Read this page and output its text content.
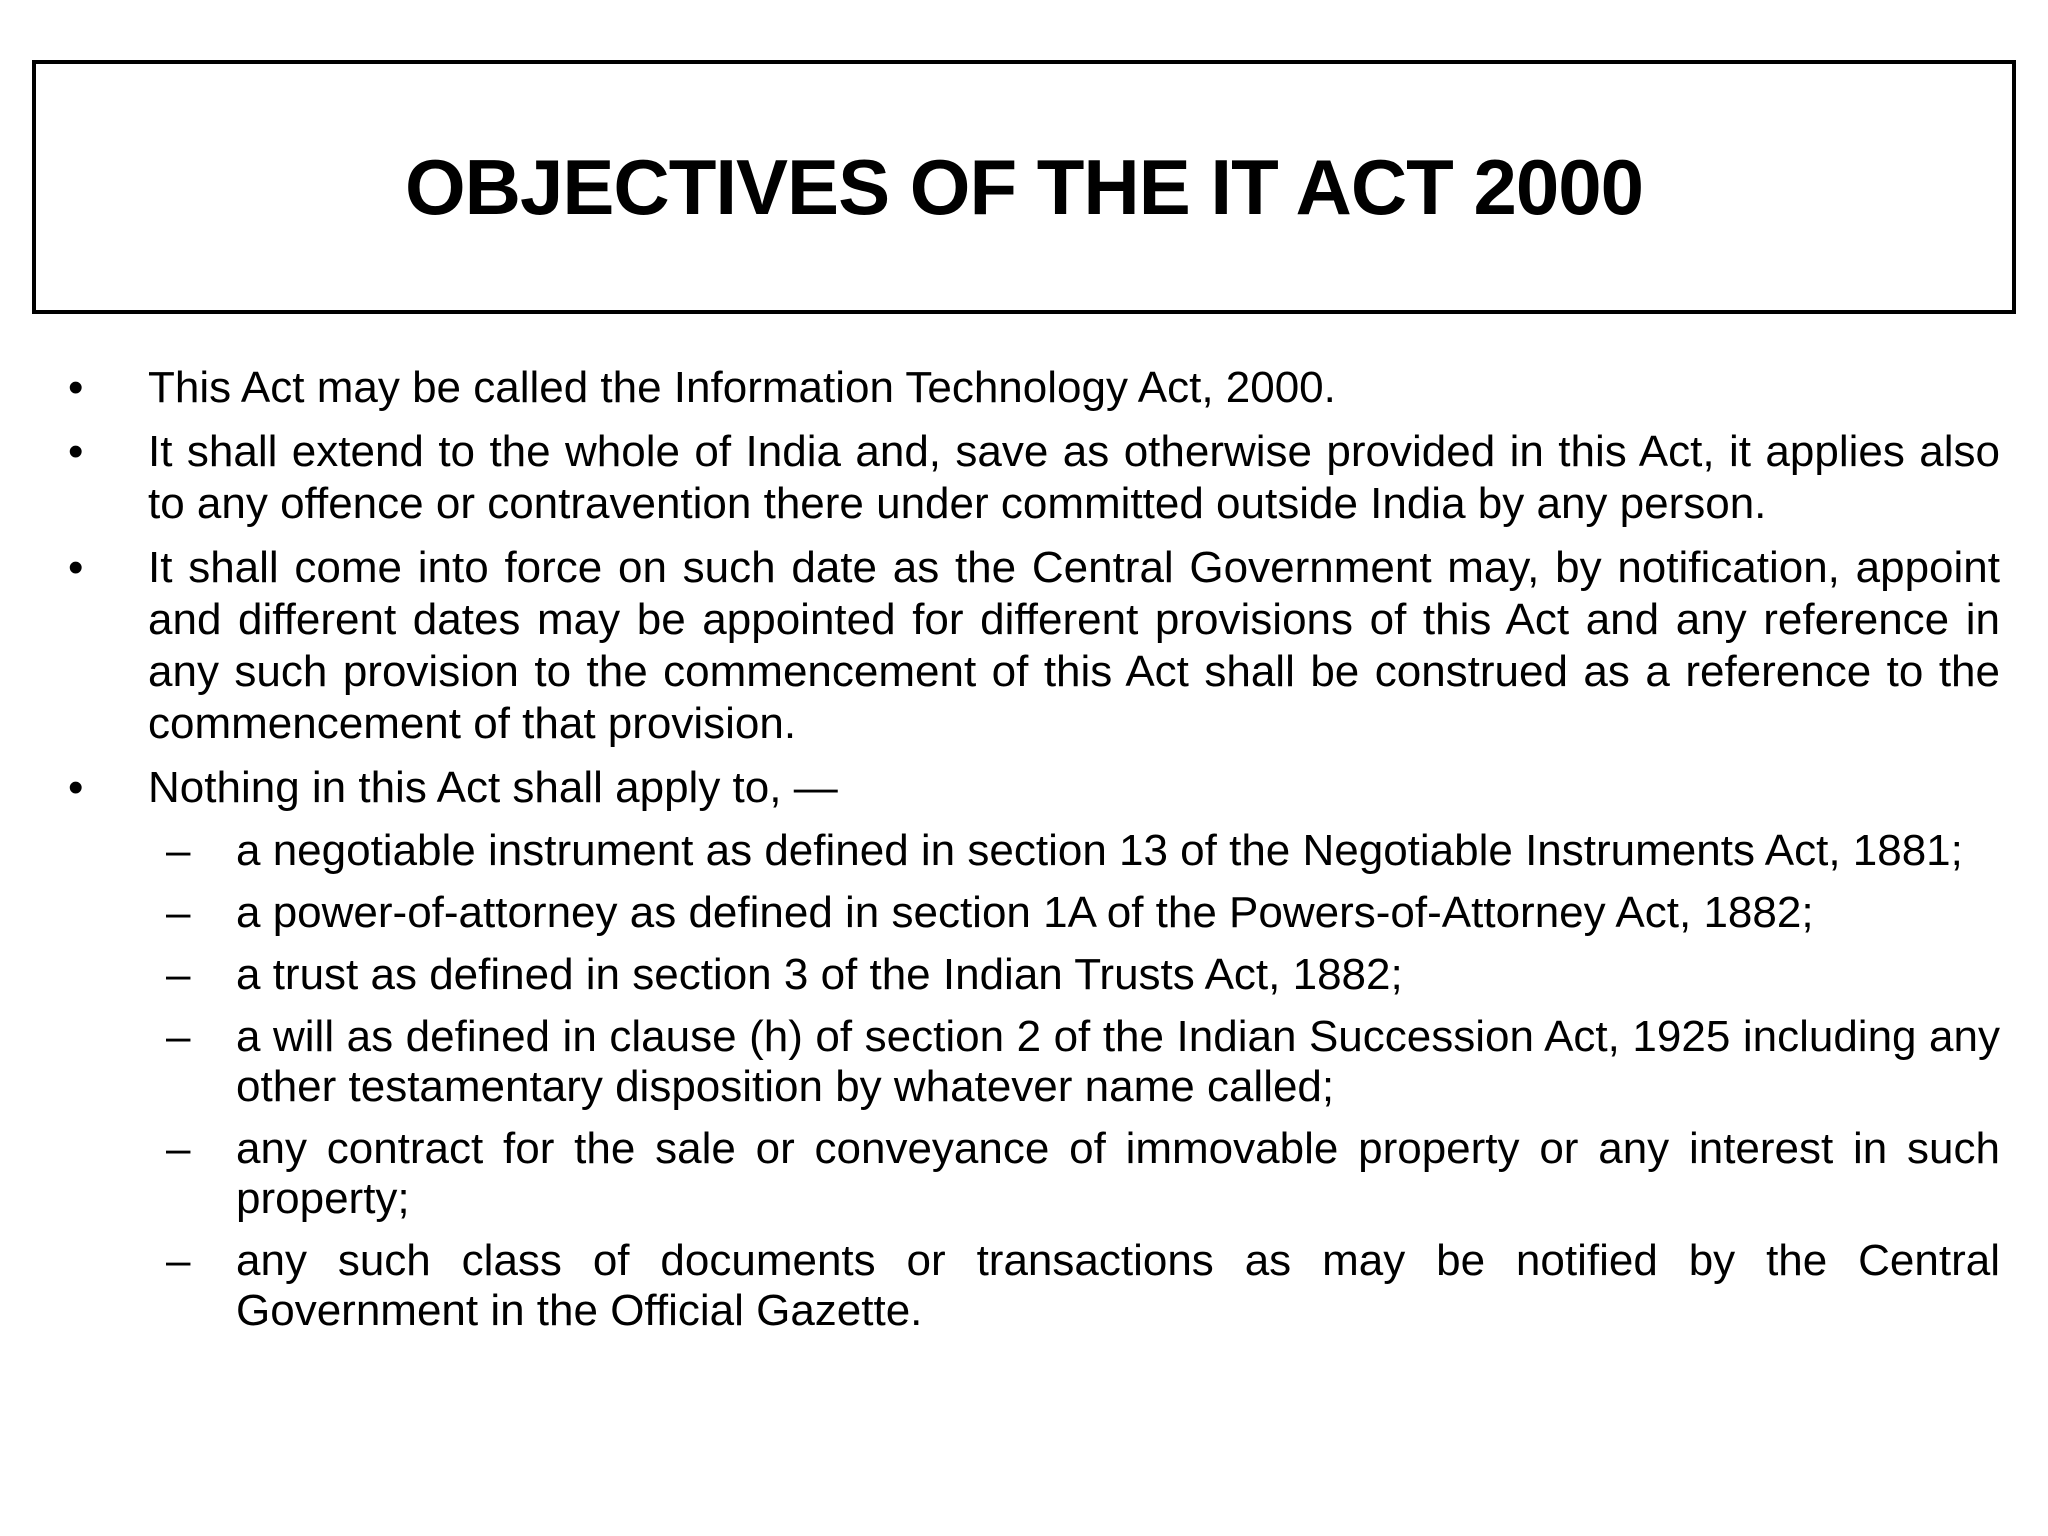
OBJECTIVES OF THE IT ACT 2000
•	This Act may be called the Information Technology Act, 2000.
•	It shall extend to the whole of India and, save as otherwise provided in this Act, it applies also to any offence or contravention there under committed outside India by any person.
•	It shall come into force on such date as the Central Government may, by notification, appoint and different dates may be appointed for different provisions of this Act and any reference in any such provision to the commencement of this Act shall be construed as a reference to the commencement of that provision.
•	Nothing in this Act shall apply to, —
–	a negotiable instrument as defined in section 13 of the Negotiable Instruments Act, 1881;
–	a power-of-attorney as defined in section 1A of the Powers-of-Attorney Act, 1882;
–	a trust as defined in section 3 of the Indian Trusts Act, 1882;
–	a will as defined in clause (h) of section 2 of the Indian Succession Act, 1925 including any other testamentary disposition by whatever name called;
–	any contract for the sale or conveyance of immovable property or any interest in such property;
–	any such class of documents or transactions as may be notified by the Central Government in the Official Gazette.
